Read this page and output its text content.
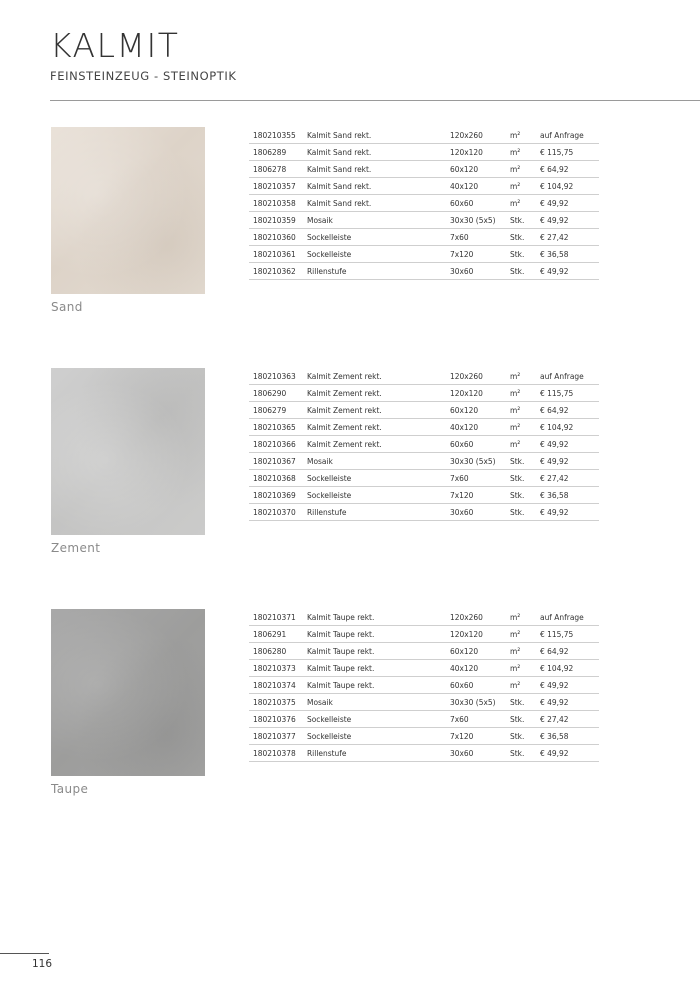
KALMIT
FEINSTEINZEUG - STEINOPTIK
Sand
180210355	Kalmit Sand rekt.	120x260	m²	auf Anfrage
1806289	Kalmit Sand rekt.	120x120	m²	€ 115,75
1806278	Kalmit Sand rekt.	60x120	m²	€ 64,92
180210357	Kalmit Sand rekt.	40x120	m²	€ 104,92
180210358	Kalmit Sand rekt.	60x60	m²	€ 49,92
180210359	Mosaik	30x30 (5x5)	Stk.	€ 49,92
180210360	Sockelleiste	7x60	Stk.	€ 27,42
180210361	Sockelleiste	7x120	Stk.	€ 36,58
180210362	Rillenstufe	30x60	Stk.	€ 49,92
Zement
180210363	Kalmit Zement rekt.	120x260	m²	auf Anfrage
1806290	Kalmit Zement rekt.	120x120	m²	€ 115,75
1806279	Kalmit Zement rekt.	60x120	m²	€ 64,92
180210365	Kalmit Zement rekt.	40x120	m²	€ 104,92
180210366	Kalmit Zement rekt.	60x60	m²	€ 49,92
180210367	Mosaik	30x30 (5x5)	Stk.	€ 49,92
180210368	Sockelleiste	7x60	Stk.	€ 27,42
180210369	Sockelleiste	7x120	Stk.	€ 36,58
180210370	Rillenstufe	30x60	Stk.	€ 49,92
Taupe
180210371	Kalmit Taupe rekt.	120x260	m²	auf Anfrage
1806291	Kalmit Taupe rekt.	120x120	m²	€ 115,75
1806280	Kalmit Taupe rekt.	60x120	m²	€ 64,92
180210373	Kalmit Taupe rekt.	40x120	m²	€ 104,92
180210374	Kalmit Taupe rekt.	60x60	m²	€ 49,92
180210375	Mosaik	30x30 (5x5)	Stk.	€ 49,92
180210376	Sockelleiste	7x60	Stk.	€ 27,42
180210377	Sockelleiste	7x120	Stk.	€ 36,58
180210378	Rillenstufe	30x60	Stk.	€ 49,92
116
